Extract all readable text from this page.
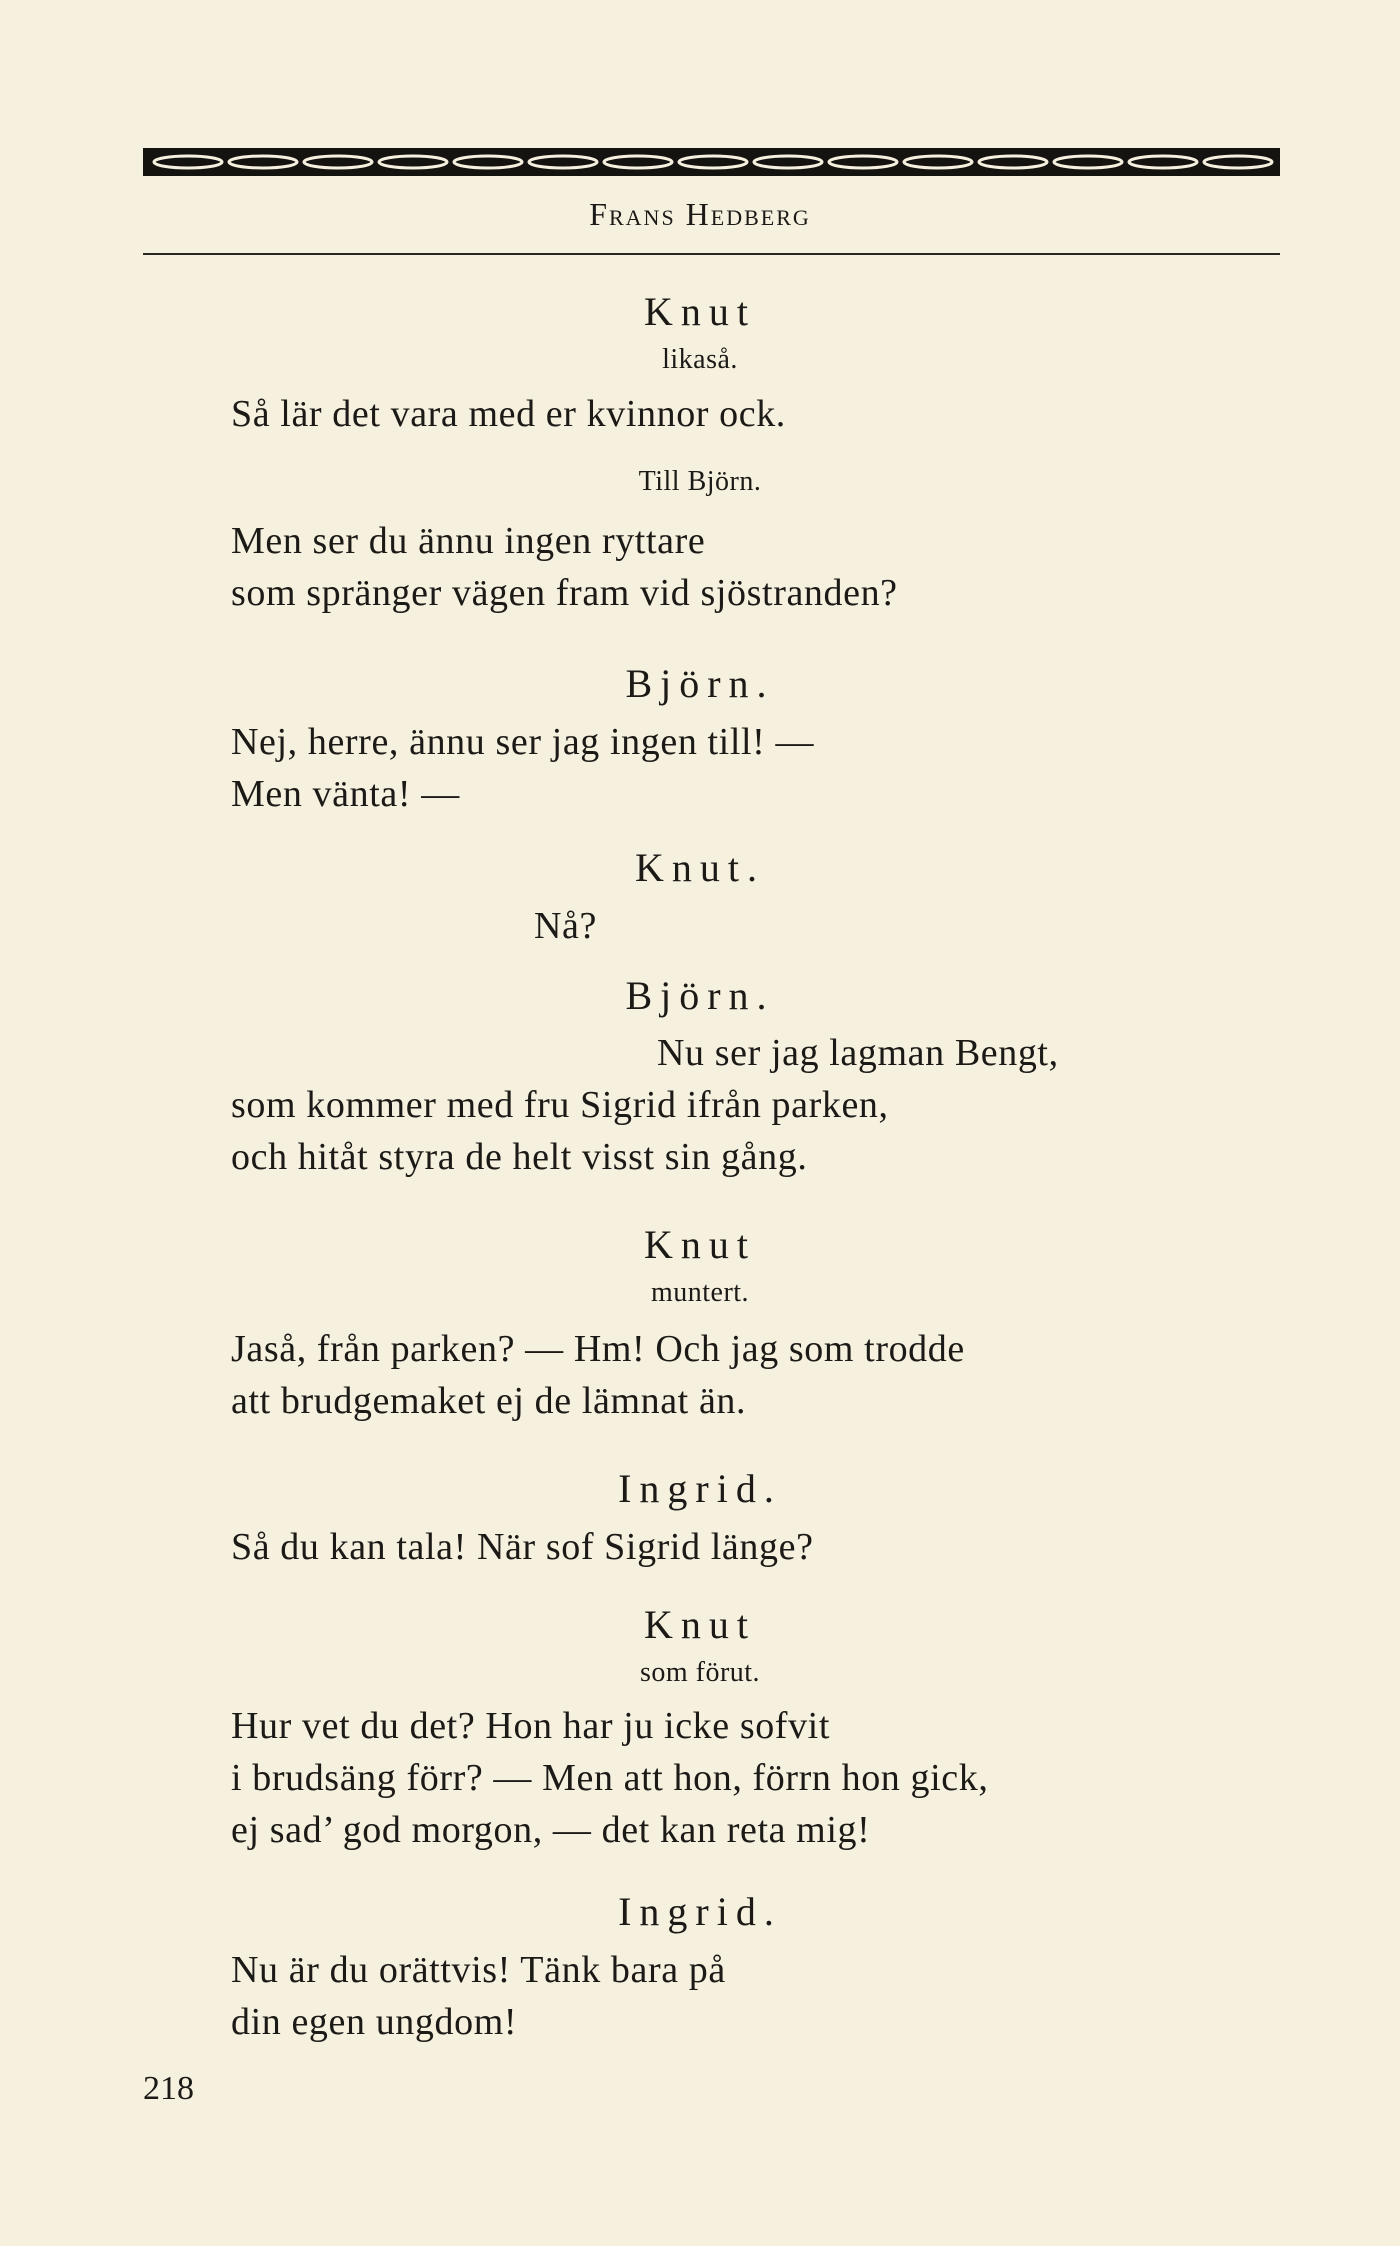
Frans Hedberg
Knut
likaså.
Så lär det vara med er kvinnor ock.
Till Björn.
Men ser du ännu ingen ryttare
som spränger vägen fram vid sjöstranden?
Björn.
Nej, herre, ännu ser jag ingen till! —
Men vänta! —
Knut.
Nå?
Björn.
Nu ser jag lagman Bengt,
som kommer med fru Sigrid ifrån parken,
och hitåt styra de helt visst sin gång.
Knut
muntert.
Jaså, från parken? — Hm! Och jag som trodde
att brudgemaket ej de lämnat än.
Ingrid.
Så du kan tala! När sof Sigrid länge?
Knut
som förut.
Hur vet du det? Hon har ju icke sofvit
i brudsäng förr? — Men att hon, förrn hon gick,
ej sad’ god morgon, — det kan reta mig!
Ingrid.
Nu är du orättvis! Tänk bara på
din egen ungdom!
218
